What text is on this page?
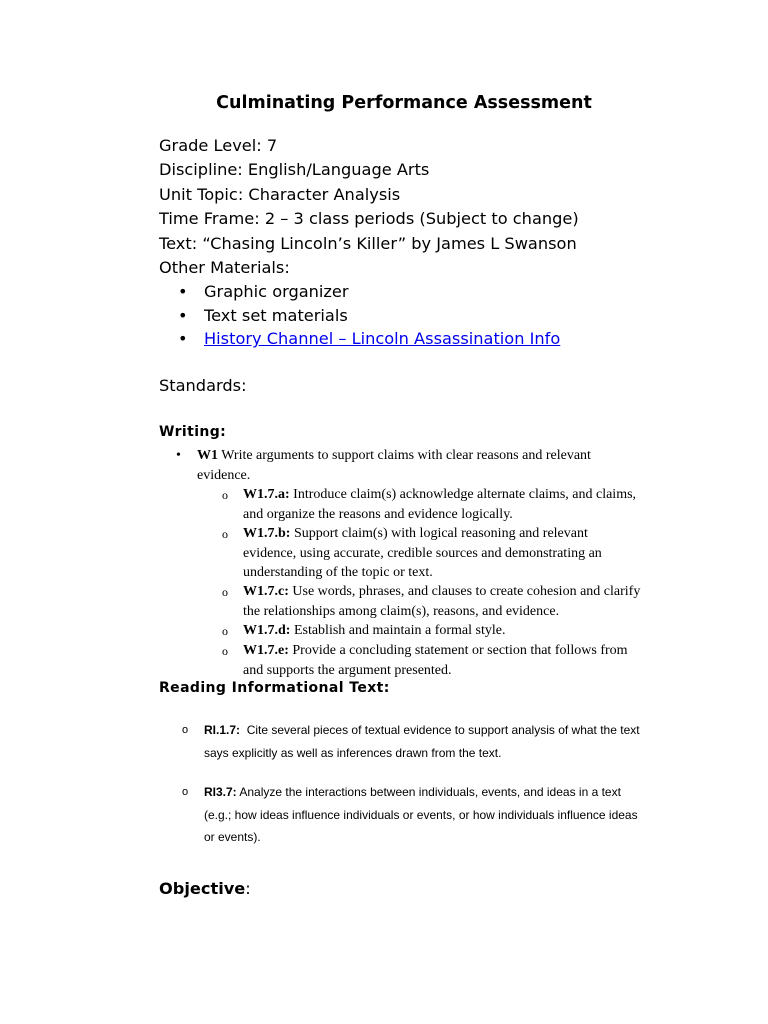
Culminating Performance Assessment
Grade Level: 7
Discipline: English/Language Arts
Unit Topic: Character Analysis
Time Frame: 2 – 3 class periods (Subject to change)
Text: “Chasing Lincoln’s Killer” by James L Swanson
Other Materials:
• Graphic organizer
• Text set materials
• History Channel – Lincoln Assassination Info
Standards:
Writing:
• W1 Write arguments to support claims with clear reasons and relevant evidence.
o W1.7.a: Introduce claim(s) acknowledge alternate claims, and claims, and organize the reasons and evidence logically.
o W1.7.b: Support claim(s) with logical reasoning and relevant evidence, using accurate, credible sources and demonstrating an understanding of the topic or text.
o W1.7.c: Use words, phrases, and clauses to create cohesion and clarify the relationships among claim(s), reasons, and evidence.
o W1.7.d: Establish and maintain a formal style.
o W1.7.e: Provide a concluding statement or section that follows from and supports the argument presented.
Reading Informational Text:
o RI.1.7: Cite several pieces of textual evidence to support analysis of what the text says explicitly as well as inferences drawn from the text.
o RI3.7: Analyze the interactions between individuals, events, and ideas in a text (e.g.; how ideas influence individuals or events, or how individuals influence ideas or events).
Objective:
